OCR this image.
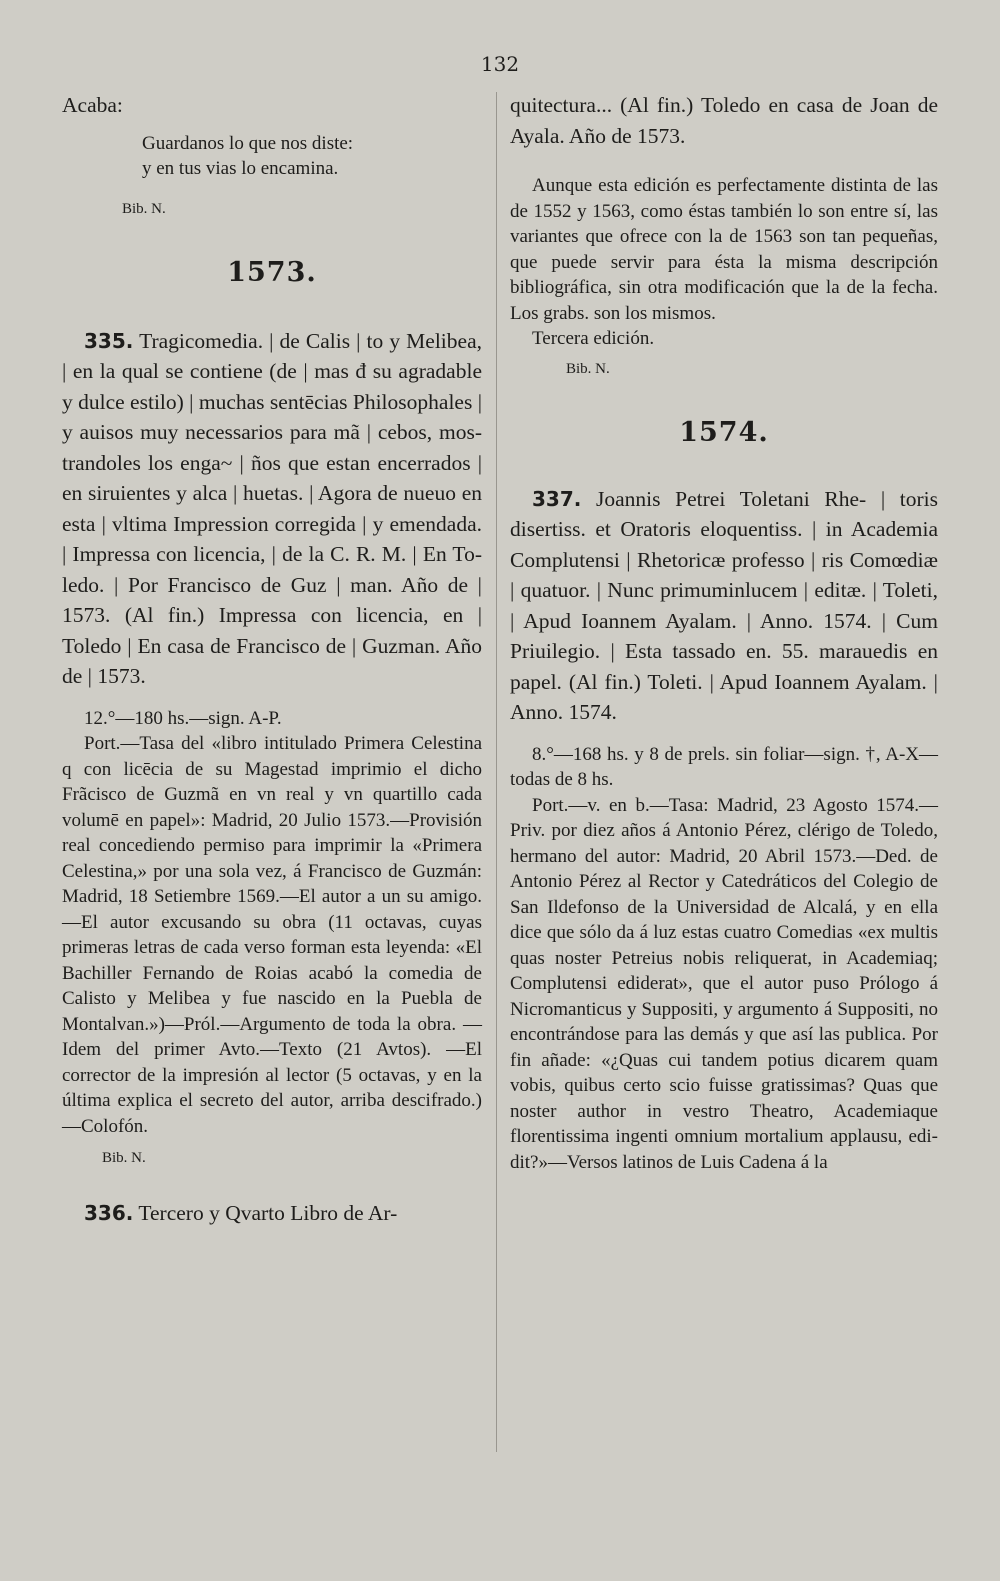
132

Acaba:

Guardanos lo que nos diste:

y en tus vias lo encamina.

Bib. N.

1573.

335. Tragicomedia. | de Calis | to y Melibea, | en la qual se contiene (de | mas đ su agradable y dulce estilo) | muchas sentēcias Philosophales | y auisos muy necessarios para mã | cebos, mostrandoles los enga~ | ños que estan encerrados | en siruientes y alca | huetas. | Agora de nueuo en esta | vltima Impression corregida | y emendada. | Impressa con licencia, | de la C. R. M. | En Toledo. | Por Francisco de Guz | man. Año de | 1573. (Al fin.) Impressa con licencia, en | Toledo | En casa de Francisco de | Guzman. Año de | 1573.

12.°—180 hs.—sign. A-P.

Port.—Tasa del «libro intitulado Primera Celestina q con licēcia de su Magestad imprimio el dicho Frãcisco de Guzmã en vn real y vn quartillo cada volumē en papel»: Madrid, 20 Julio 1573.—Provisión real concediendo permiso para imprimir la «Primera Celestina,» por una sola vez, á Francisco de Guzmán: Madrid, 18 Setiembre 1569.—El autor a un su amigo.—El autor excusando su obra (11 octavas, cuyas primeras letras de cada verso forman esta leyenda: «El Bachiller Fernando de Roias acabó la comedia de Calisto y Melibea y fue nascido en la Puebla de Montalvan.»)—Pról.—Argumento de toda la obra. —Idem del primer Avto.—Texto (21 Avtos). —El corrector de la impresión al lector (5 octavas, y en la última explica el secreto del autor, arriba descifrado.)—Colofón.

Bib. N.

336. Tercero y Qvarto Libro de Ar-

quitectura... (Al fin.) Toledo en casa de Joan de Ayala. Año de 1573.

Aunque esta edición es perfectamente distinta de las de 1552 y 1563, como éstas también lo son entre sí, las variantes que ofrece con la de 1563 son tan pequeñas, que puede servir para ésta la misma descripción bibliográfica, sin otra modificación que la de la fecha. Los grabs. son los mismos.

Tercera edición.

Bib. N.

1574.

337. Joannis Petrei Toletani Rhe- | toris disertiss. et Oratoris eloquentiss. | in Academia Complutensi | Rhetoricæ professo | ris Comœdiæ | quatuor. | Nunc primuminlucem | editæ. | Toleti, | Apud Ioannem Ayalam. | Anno. 1574. | Cum Priuilegio. | Esta tassado en. 55. marauedis en papel. (Al fin.) Toleti. | Apud Ioannem Ayalam. | Anno. 1574.

8.°—168 hs. y 8 de prels. sin foliar—sign. †, A-X—todas de 8 hs.

Port.—v. en b.—Tasa: Madrid, 23 Agosto 1574.—Priv. por diez años á Antonio Pérez, clérigo de Toledo, hermano del autor: Madrid, 20 Abril 1573.—Ded. de Antonio Pérez al Rector y Catedráticos del Colegio de San Ildefonso de la Universidad de Alcalá, y en ella dice que sólo da á luz estas cuatro Comedias «ex multis quas noster Petreius nobis reliquerat, in Academiaq; Complutensi ediderat», que el autor puso Prólogo á Nicromanticus y Suppositi, y argumento á Suppositi, no encontrándose para las demás y que así las publica. Por fin añade: «¿Quas cui tandem potius dicarem quam vobis, quibus certo scio fuisse gratissimas? Quas que noster author in vestro Theatro, Academiaque florentissima ingenti omnium mortalium applausu, edidit?»—Versos latinos de Luis Cadena á la
